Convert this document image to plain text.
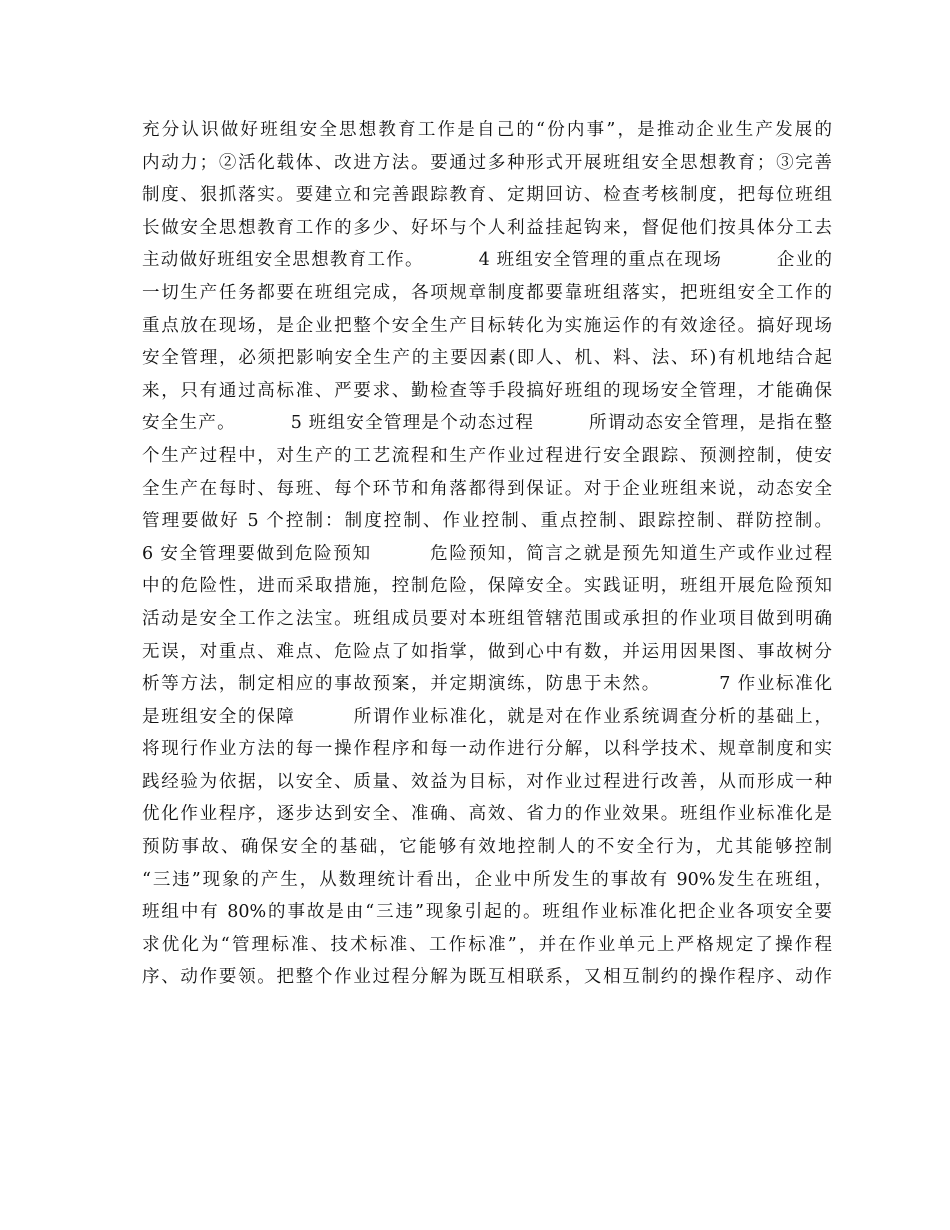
充分认识做好班组安全思想教育工作是自己的“份内事”，是推动企业生产发展的
内动力；②活化载体、改进方法。要通过多种形式开展班组安全思想教育；③完善
制度、狠抓落实。要建立和完善跟踪教育、定期回访、检查考核制度，把每位班组
长做安全思想教育工作的多少、好坏与个人利益挂起钩来，督促他们按具体分工去
主动做好班组安全思想教育工作。        4 班组安全管理的重点在现场        企业的
一切生产任务都要在班组完成，各项规章制度都要靠班组落实，把班组安全工作的
重点放在现场，是企业把整个安全生产目标转化为实施运作的有效途径。搞好现场
安全管理，必须把影响安全生产的主要因素(即人、机、料、法、环)有机地结合起
来，只有通过高标准、严要求、勤检查等手段搞好班组的现场安全管理，才能确保
安全生产。        5 班组安全管理是个动态过程        所谓动态安全管理，是指在整
个生产过程中，对生产的工艺流程和生产作业过程进行安全跟踪、预测控制，使安
全生产在每时、每班、每个环节和角落都得到保证。对于企业班组来说，动态安全
管理要做好 5 个控制：制度控制、作业控制、重点控制、跟踪控制、群防控制。
6 安全管理要做到危险预知        危险预知，简言之就是预先知道生产或作业过程
中的危险性，进而采取措施，控制危险，保障安全。实践证明，班组开展危险预知
活动是安全工作之法宝。班组成员要对本班组管辖范围或承担的作业项目做到明确
无误，对重点、难点、危险点了如指掌，做到心中有数，并运用因果图、事故树分
析等方法，制定相应的事故预案，并定期演练，防患于未然。        7 作业标准化
是班组安全的保障        所谓作业标准化，就是对在作业系统调查分析的基础上，
将现行作业方法的每一操作程序和每一动作进行分解，以科学技术、规章制度和实
践经验为依据，以安全、质量、效益为目标，对作业过程进行改善，从而形成一种
优化作业程序，逐步达到安全、准确、高效、省力的作业效果。班组作业标准化是
预防事故、确保安全的基础，它能够有效地控制人的不安全行为，尤其能够控制
“三违”现象的产生，从数理统计看出，企业中所发生的事故有 90%发生在班组，
班组中有 80%的事故是由“三违”现象引起的。班组作业标准化把企业各项安全要
求优化为“管理标准、技术标准、工作标准”，并在作业单元上严格规定了操作程
序、动作要领。把整个作业过程分解为既互相联系，又相互制约的操作程序、动作
